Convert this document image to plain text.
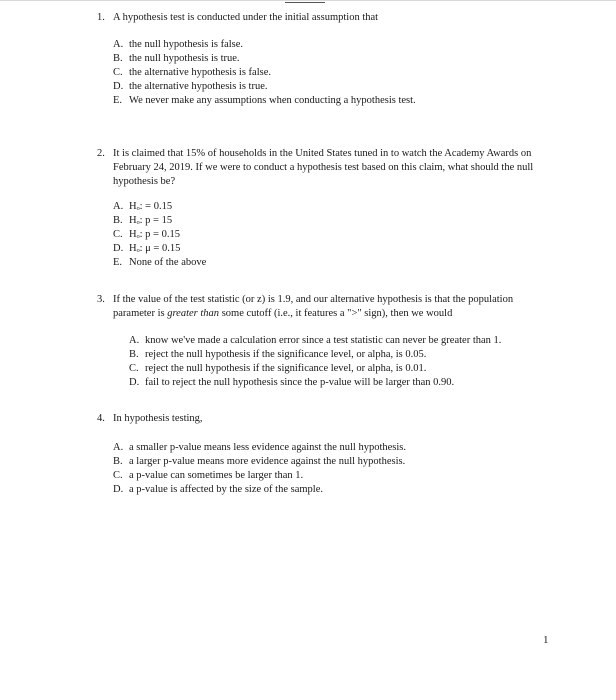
1. A hypothesis test is conducted under the initial assumption that
A. the null hypothesis is false.
B. the null hypothesis is true.
C. the alternative hypothesis is false.
D. the alternative hypothesis is true.
E. We never make any assumptions when conducting a hypothesis test.
2. It is claimed that 15% of households in the United States tuned in to watch the Academy Awards on February 24, 2019. If we were to conduct a hypothesis test based on this claim, what should the null hypothesis be?
A. Hₒ: = 0.15
B. Hₒ: p = 15
C. Hₒ: p = 0.15
D. Hₒ: μ = 0.15
E. None of the above
3. If the value of the test statistic (or z) is 1.9, and our alternative hypothesis is that the population parameter is greater than some cutoff (i.e., it features a ">" sign), then we would
A. know we've made a calculation error since a test statistic can never be greater than 1.
B. reject the null hypothesis if the significance level, or alpha, is 0.05.
C. reject the null hypothesis if the significance level, or alpha, is 0.01.
D. fail to reject the null hypothesis since the p-value will be larger than 0.90.
4. In hypothesis testing,
A. a smaller p-value means less evidence against the null hypothesis.
B. a larger p-value means more evidence against the null hypothesis.
C. a p-value can sometimes be larger than 1.
D. a p-value is affected by the size of the sample.
1
